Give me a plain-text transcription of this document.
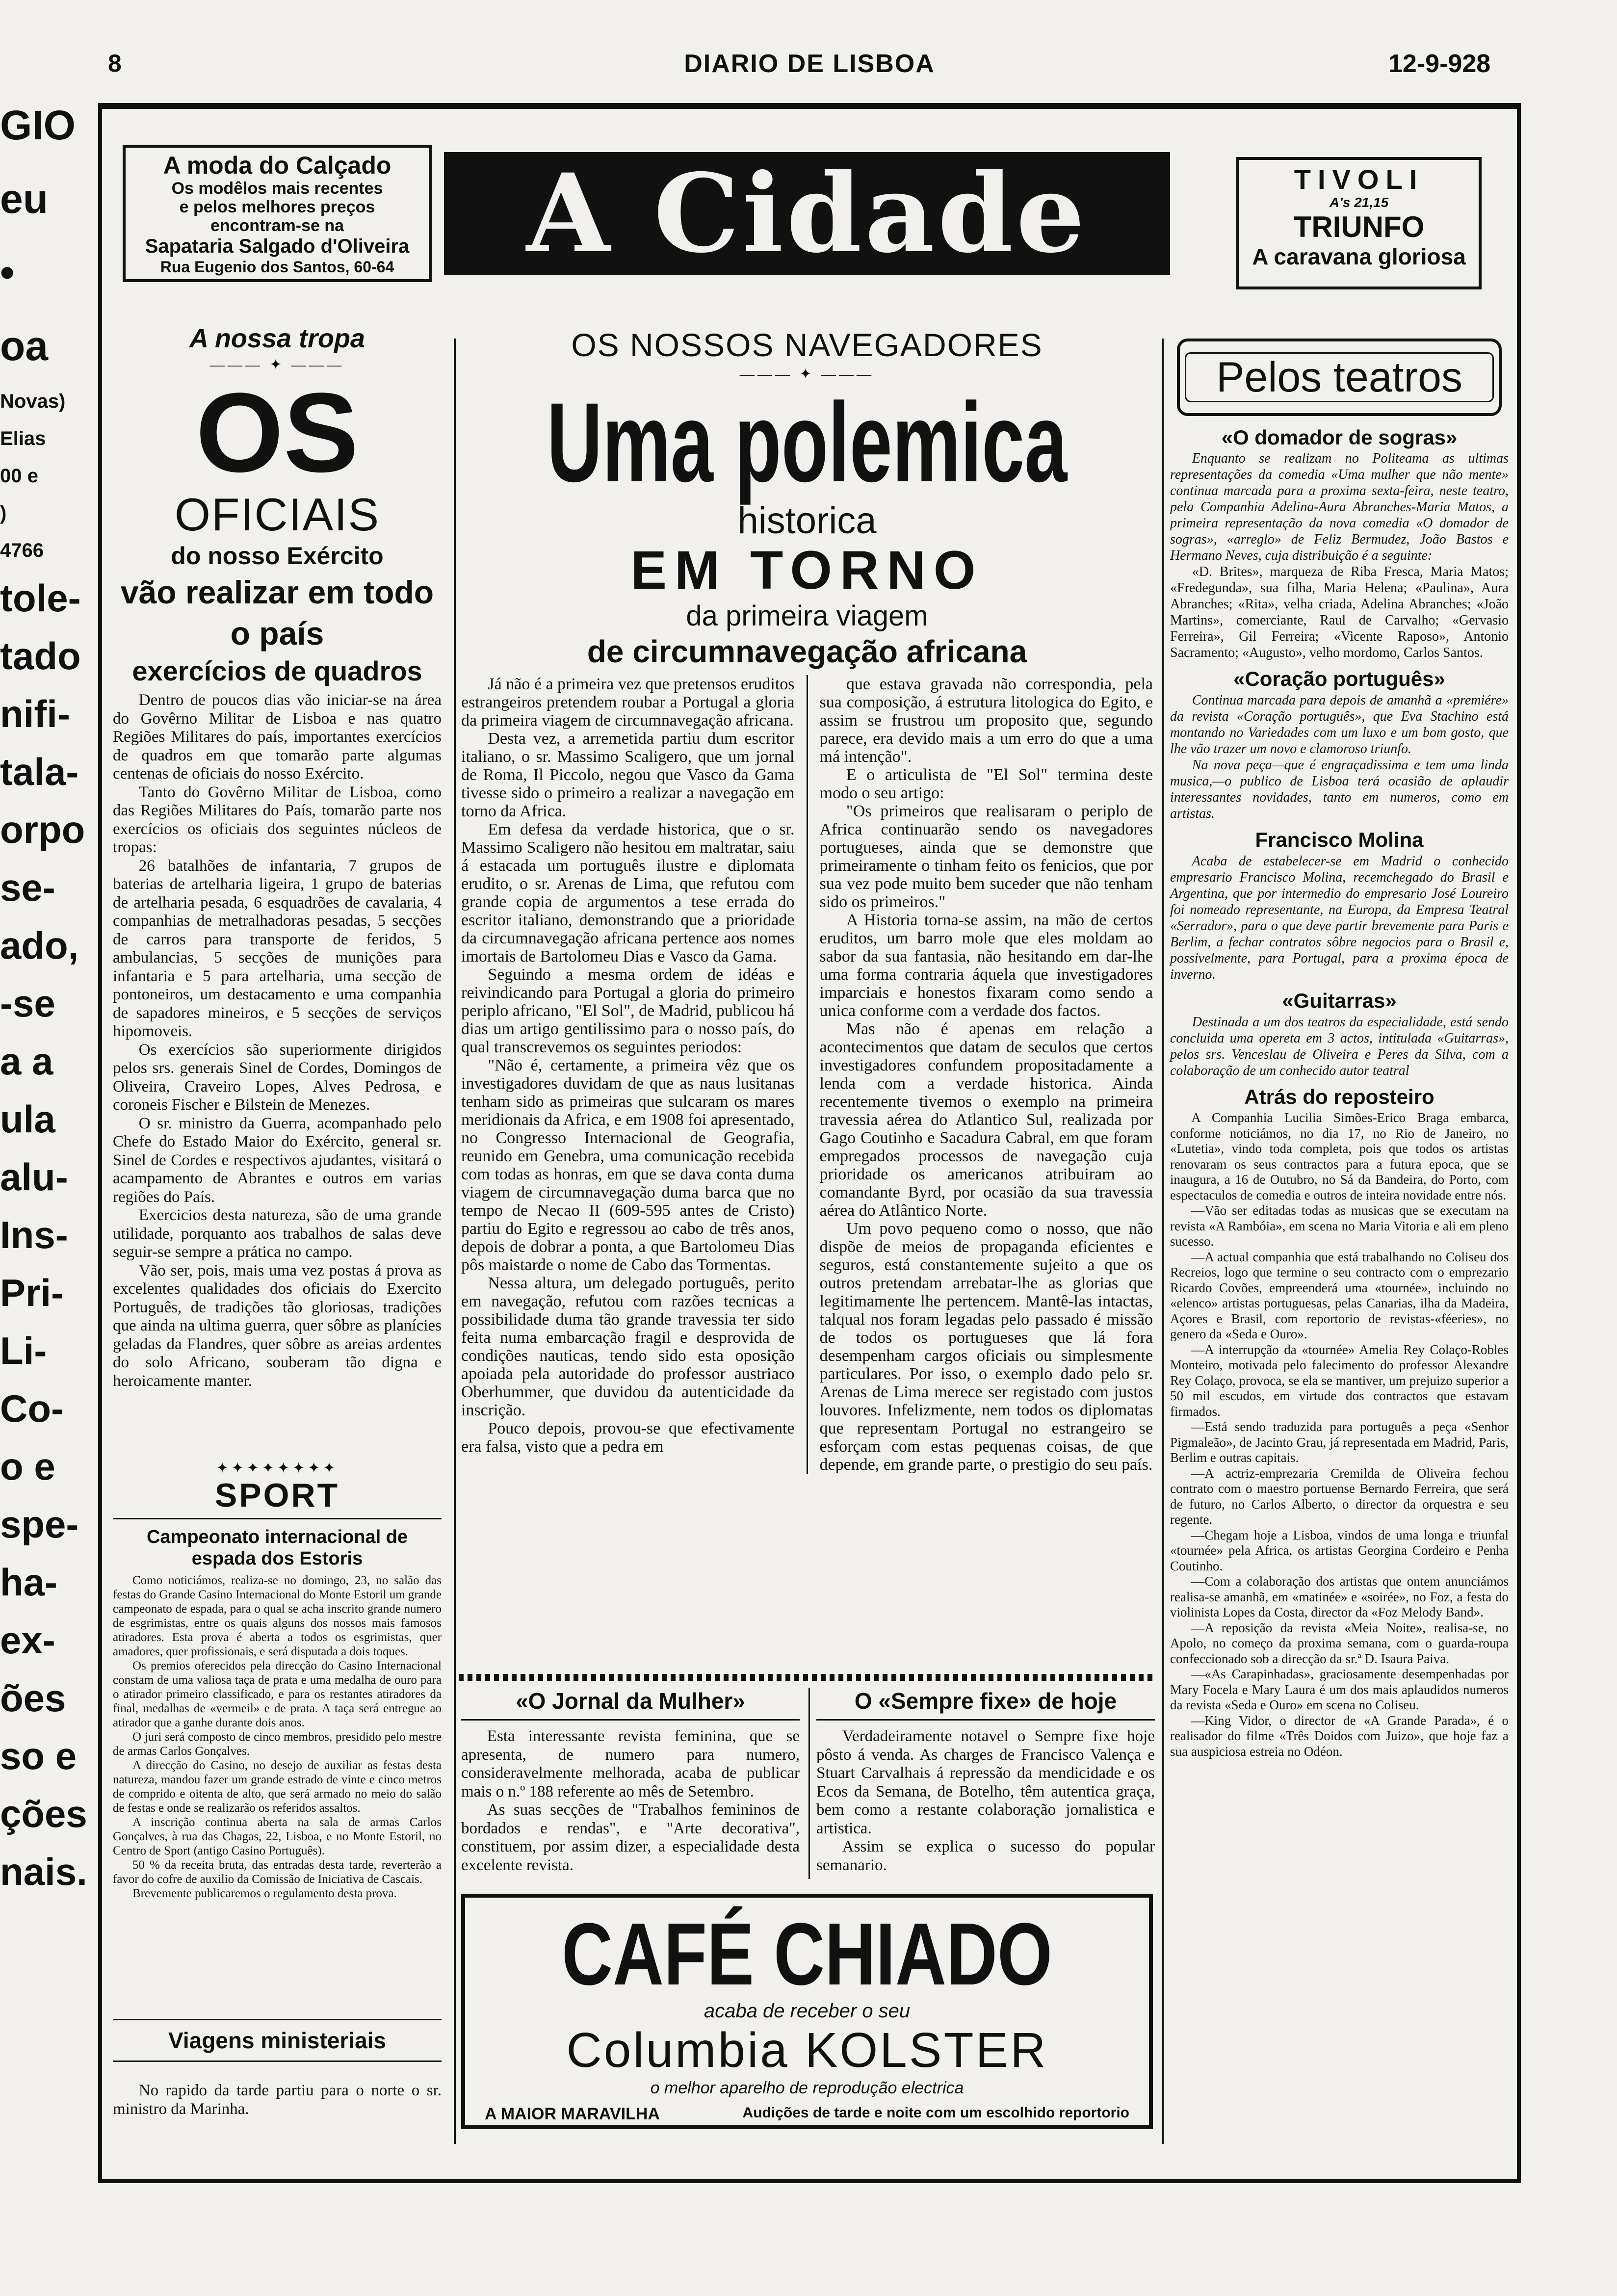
8	DIARIO DE LISBOA	12-9-928
GIO
eu
•
oa
Novas)
Elias
00 e
)
4766
tole-
tado
nifi-
tala-
orpo
se-
ado,
-se
a a
ula
alu-
Ins-
Pri-
Li-
Co-
o e
spe-
ha-
ex-
ões
so e
ções
nais.
A moda do Calçado
Os modêlos mais recentes
e pelos melhores preços
encontram-se na
Sapataria Salgado d'Oliveira
Rua Eugenio dos Santos, 60-64	A Cidade	TIVOLI
A's 21,15
TRIUNFO
A caravana gloriosa
A nossa tropa
——— ✦ ———
OS
OFICIAIS
do nosso Exército
vão realizar em todo o país
exercícios de quadros

Dentro de poucos dias vão iniciar-se na área do Govêrno Militar de Lisboa e nas quatro Regiões Militares do país, importantes exercícios de quadros em que tomarão parte algumas centenas de oficiais do nosso Exército.

Tanto do Govêrno Militar de Lisboa, como das Regiões Militares do País, tomarão parte nos exercícios os oficiais dos seguintes núcleos de tropas:

26 batalhões de infantaria, 7 grupos de baterias de artelharia ligeira, 1 grupo de baterias de artelharia pesada, 6 esquadrões de cavalaria, 4 companhias de metralhadoras pesadas, 5 secções de carros para transporte de feridos, 5 ambulancias, 5 secções de munições para infantaria e 5 para artelharia, uma secção de pontoneiros, um destacamento e uma companhia de sapadores mineiros, e 5 secções de serviços hipomoveis.

Os exercícios são superiormente dirigidos pelos srs. generais Sinel de Cordes, Domingos de Oliveira, Craveiro Lopes, Alves Pedrosa, e coroneis Fischer e Bilstein de Menezes.

O sr. ministro da Guerra, acompanhado pelo Chefe do Estado Maior do Exército, general sr. Sinel de Cordes e respectivos ajudantes, visitará o acampamento de Abrantes e outros em varias regiões do País.

Exercicios desta natureza, são de uma grande utilidade, porquanto aos trabalhos de salas deve seguir-se sempre a prática no campo.

Vão ser, pois, mais uma vez postas á prova as excelentes qualidades dos oficiais do Exercito Português, de tradições tão gloriosas, tradições que ainda na ultima guerra, quer sôbre as planícies geladas da Flandres, quer sôbre as areias ardentes do solo Africano, souberam tão digna e heroicamente manter.

✦✦✦✦✦✦✦✦
SPORT
Campeonato internacional de espada dos Estoris

Como noticiámos, realiza-se no domingo, 23, no salão das festas do Grande Casino Internacional do Monte Estoril um grande campeonato de espada, para o qual se acha inscrito grande numero de esgrimistas, entre os quais alguns dos nossos mais famosos atiradores. Esta prova é aberta a todos os esgrimistas, quer amadores, quer profissionais, e será disputada a dois toques.

Os premios oferecidos pela direcção do Casino Internacional constam de uma valiosa taça de prata e uma medalha de ouro para o atirador primeiro classificado, e para os restantes atiradores da final, medalhas de «vermeil» e de prata. A taça será entregue ao atirador que a ganhe durante dois anos.

O juri será composto de cinco membros, presidido pelo mestre de armas Carlos Gonçalves.

A direcção do Casino, no desejo de auxiliar as festas desta natureza, mandou fazer um grande estrado de vinte e cinco metros de comprido e oitenta de alto, que será armado no meio do salão de festas e onde se realizarão os referidos assaltos.

A inscrição continua aberta na sala de armas Carlos Gonçalves, à rua das Chagas, 22, Lisboa, e no Monte Estoril, no Centro de Sport (antigo Casino Português).

50 % da receita bruta, das entradas desta tarde, reverterão a favor do cofre de auxilio da Comissão de Iniciativa de Cascais.

Brevemente publicaremos o regulamento desta prova.

Viagens ministeriais

No rapido da tarde partiu para o norte o sr. ministro da Marinha.

OS NOSSOS NAVEGADORES
——— ✦ ———
Uma polemica
historica
EM TORNO
da primeira viagem
de circumnavegação africana

Já não é a primeira vez que pretensos eruditos estrangeiros pretendem roubar a Portugal a gloria da primeira viagem de circumnavegação africana.

Desta vez, a arremetida partiu dum escritor italiano, o sr. Massimo Scaligero, que um jornal de Roma, Il Piccolo, negou que Vasco da Gama tivesse sido o primeiro a realizar a navegação em torno da Africa.

Em defesa da verdade historica, que o sr. Massimo Scaligero não hesitou em maltratar, saiu á estacada um português ilustre e diplomata erudito, o sr. Arenas de Lima, que refutou com grande copia de argumentos a tese errada do escritor italiano, demonstrando que a prioridade da circumnavegação africana pertence aos nomes imortais de Bartolomeu Dias e Vasco da Gama.

Seguindo a mesma ordem de idéas e reivindicando para Portugal a gloria do primeiro periplo africano, "El Sol", de Madrid, publicou há dias um artigo gentilissimo para o nosso país, do qual transcrevemos os seguintes periodos:

"Não é, certamente, a primeira vêz que os investigadores duvidam de que as naus lusitanas tenham sido as primeiras que sulcaram os mares meridionais da Africa, e em 1908 foi apresentado, no Congresso Internacional de Geografia, reunido em Genebra, uma comunicação recebida com todas as honras, em que se dava conta duma viagem de circumnavegação duma barca que no tempo de Necao II (609-595 antes de Cristo) partiu do Egito e regressou ao cabo de três anos, depois de dobrar a ponta, a que Bartolomeu Dias pôs maistarde o nome de Cabo das Tormentas.

Nessa altura, um delegado português, perito em navegação, refutou com razões tecnicas a possibilidade duma tão grande travessia ter sido feita numa embarcação fragil e desprovida de condições nauticas, tendo sido esta oposição apoiada pela autoridade do professor austriaco Oberhummer, que duvidou da autenticidade da inscrição.

Pouco depois, provou-se que efectivamente era falsa, visto que a pedra em

que estava gravada não correspondia, pela sua composição, á estrutura litologica do Egito, e assim se frustrou um proposito que, segundo parece, era devido mais a um erro do que a uma má intenção".

E o articulista de "El Sol" termina deste modo o seu artigo:

"Os primeiros que realisaram o periplo de Africa continuarão sendo os navegadores portugueses, ainda que se demonstre que primeiramente o tinham feito os fenicios, que por sua vez pode muito bem suceder que não tenham sido os primeiros."

A Historia torna-se assim, na mão de certos eruditos, um barro mole que eles moldam ao sabor da sua fantasia, não hesitando em dar-lhe uma forma contraria áquela que investigadores imparciais e honestos fixaram como sendo a unica conforme com a verdade dos factos.

Mas não é apenas em relação a acontecimentos que datam de seculos que certos investigadores confundem propositadamente a lenda com a verdade historica. Ainda recentemente tivemos o exemplo na primeira travessia aérea do Atlantico Sul, realizada por Gago Coutinho e Sacadura Cabral, em que foram empregados processos de navegação cuja prioridade os americanos atribuiram ao comandante Byrd, por ocasião da sua travessia aérea do Atlântico Norte.

Um povo pequeno como o nosso, que não dispõe de meios de propaganda eficientes e seguros, está constantemente sujeito a que os outros pretendam arrebatar-lhe as glorias que legitimamente lhe pertencem. Mantê-las intactas, talqual nos foram legadas pelo passado é missão de todos os portugueses que lá fora desempenham cargos oficiais ou simplesmente particulares. Por isso, o exemplo dado pelo sr. Arenas de Lima merece ser registado com justos louvores. Infelizmente, nem todos os diplomatas que representam Portugal no estrangeiro se esforçam com estas pequenas coisas, de que depende, em grande parte, o prestigio do seu país.

«O Jornal da Mulher»

Esta interessante revista feminina, que se apresenta, de numero para numero, consideravelmente melhorada, acaba de publicar mais o n.º 188 referente ao mês de Setembro.

As suas secções de "Trabalhos femininos de bordados e rendas", e "Arte decorativa", constituem, por assim dizer, a especialidade desta excelente revista.

O «Sempre fixe» de hoje

Verdadeiramente notavel o Sempre fixe hoje pôsto á venda. As charges de Francisco Valença e Stuart Carvalhais á repressão da mendicidade e os Ecos da Semana, de Botelho, têm autentica graça, bem como a restante colaboração jornalistica e artistica.

Assim se explica o sucesso do popular semanario.

CAFÉ CHIADO
acaba de receber o seu
Columbia KOLSTER
o melhor aparelho de reprodução electrica
A MAIOR MARAVILHA	Audições de tarde e noite com um escolhido reportorio
Pelos teatros
«O domador de sogras»

Enquanto se realizam no Politeama as ultimas representações da comedia «Uma mulher que não mente» continua marcada para a proxima sexta-feira, neste teatro, pela Companhia Adelina-Aura Abranches-Maria Matos, a primeira representação da nova comedia «O domador de sogras», «arreglo» de Feliz Bermudez, João Bastos e Hermano Neves, cuja distribuição é a seguinte:

«D. Brites», marqueza de Riba Fresca, Maria Matos; «Fredegunda», sua filha, Maria Helena; «Paulina», Aura Abranches; «Rita», velha criada, Adelina Abranches; «João Martins», comerciante, Raul de Carvalho; «Gervasio Ferreira», Gil Ferreira; «Vicente Raposo», Antonio Sacramento; «Augusto», velho mordomo, Carlos Santos.

«Coração português»

Continua marcada para depois de amanhã a «premiére» da revista «Coração português», que Eva Stachino está montando no Variedades com um luxo e um bom gosto, que lhe vão trazer um novo e clamoroso triunfo.

Na nova peça—que é engraçadissima e tem uma linda musica,—o publico de Lisboa terá ocasião de aplaudir interessantes novidades, tanto em numeros, como em artistas.

Francisco Molina

Acaba de estabelecer-se em Madrid o conhecido empresario Francisco Molina, recemchegado do Brasil e Argentina, que por intermedio do empresario José Loureiro foi nomeado representante, na Europa, da Empresa Teatral «Serrador», para o que deve partir brevemente para Paris e Berlim, a fechar contratos sôbre negocios para o Brasil e, possivelmente, para Portugal, para a proxima época de inverno.

«Guitarras»

Destinada a um dos teatros da especialidade, está sendo concluida uma opereta em 3 actos, intitulada «Guitarras», pelos srs. Venceslau de Oliveira e Peres da Silva, com a colaboração de um conhecido autor teatral

Atrás do reposteiro

A Companhia Lucilia Simões-Erico Braga embarca, conforme noticiámos, no dia 17, no Rio de Janeiro, no «Lutetia», vindo toda completa, pois que todos os artistas renovaram os seus contractos para a futura epoca, que se inaugura, a 16 de Outubro, no Sá da Bandeira, do Porto, com espectaculos de comedia e outros de inteira novidade entre nós.

—Vão ser editadas todas as musicas que se executam na revista «A Rambóia», em scena no Maria Vitoria e ali em pleno sucesso.

—A actual companhia que está trabalhando no Coliseu dos Recreios, logo que termine o seu contracto com o emprezario Ricardo Covões, empreenderá uma «tournée», incluindo no «elenco» artistas portuguesas, pelas Canarias, ilha da Madeira, Açores e Brasil, com reportorio de revistas-«féeries», no genero da «Seda e Ouro».

—A interrupção da «tournée» Amelia Rey Colaço-Robles Monteiro, motivada pelo falecimento do professor Alexandre Rey Colaço, provoca, se ela se mantiver, um prejuizo superior a 50 mil escudos, em virtude dos contractos que estavam firmados.

—Está sendo traduzida para português a peça «Senhor Pigmaleão», de Jacinto Grau, já representada em Madrid, Paris, Berlim e outras capitais.

—A actriz-empreza​ria Cremilda de Oliveira fechou contrato com o maestro portuense Bernardo Ferreira, que será de futuro, no Carlos Alberto, o director da orquestra e seu regente.

—Chegam hoje a Lisboa, vindos de uma longa e triunfal «tournée» pela Africa, os artistas Georgina Cordeiro e Penha Coutinho.

—Com a colaboração dos artistas que ontem anunciámos realisa-se amanhã, em «matinée» e «soirée», no Foz, a festa do violinista Lopes da Costa, director da «Foz Melody Band».

—A reposição da revista «Meia Noite», realisa-se, no Apolo, no começo da proxima semana, com o guarda-roupa confeccionado sob a direcção da sr.ª D. Isaura Paiva.

—«As Carapinhadas», graciosamente desempenhadas por Mary Focela e Mary Laura é um dos mais aplaudidos numeros da revista «Seda e Ouro» em scena no Coliseu.

—King Vidor, o director de «A Grande Parada», é o realisador do filme «Três Doidos com Juizo», que hoje faz a sua auspiciosa estreia no Odéon.
